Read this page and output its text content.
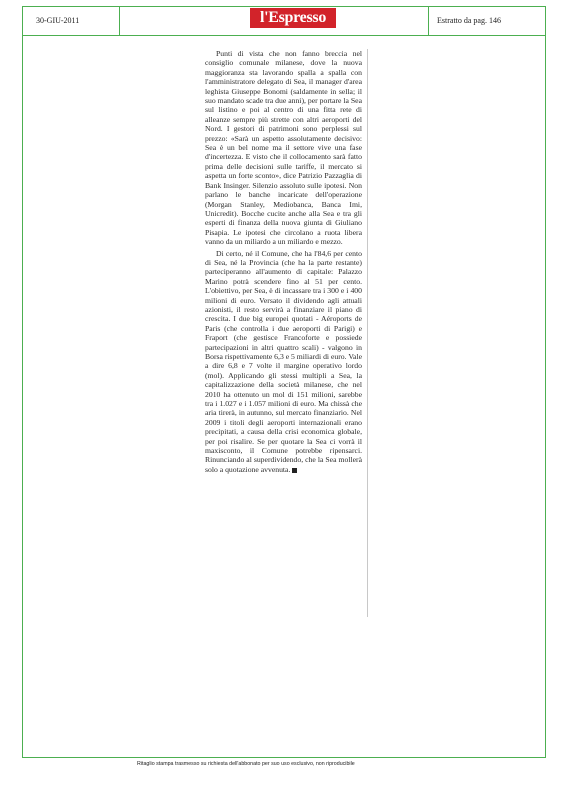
30-GIU-2011	l'Espresso	Estratto da pag. 146

Punti di vista che non fanno breccia nel consiglio comunale milanese, dove la nuova maggioranza sta lavorando spalla a spalla con l'amministratore delegato di Sea, il manager d'area leghista Giuseppe Bonomi (saldamente in sella; il suo mandato scade tra due anni), per portare la Sea sul listino e poi al centro di una fitta rete di alleanze sempre più strette con altri aeroporti del Nord. I gestori di patrimoni sono perplessi sul prezzo: «Sarà un aspetto assolutamente decisivo: Sea è un bel nome ma il settore vive una fase d'incertezza. E visto che il collocamento sarà fatto prima delle decisioni sulle tariffe, il mercato si aspetta un forte sconto», dice Patrizio Pazzaglia di Bank Insinger. Silenzio assoluto sulle ipotesi. Non parlano le banche incaricate dell'operazione (Morgan Stanley, Mediobanca, Banca Imi, Unicredit). Bocche cucite anche alla Sea e tra gli esperti di finanza della nuova giunta di Giuliano Pisapia. Le ipotesi che circolano a ruota libera vanno da un miliardo a un miliardo e mezzo.

Di certo, né il Comune, che ha l'84,6 per cento di Sea, né la Provincia (che ha la parte restante) parteciperanno all'aumento di capitale: Palazzo Marino potrà scendere fino al 51 per cento. L'obiettivo, per Sea, è di incassare tra i 300 e i 400 milioni di euro. Versato il dividendo agli attuali azionisti, il resto servirà a finanziare il piano di crescita. I due big europei quotati - Aéroports de Paris (che controlla i due aeroporti di Parigi) e Fraport (che gestisce Francoforte e possiede partecipazioni in altri quattro scali) - valgono in Borsa rispettivamente 6,3 e 5 miliardi di euro. Vale a dire 6,8 e 7 volte il margine operativo lordo (mol). Applicando gli stessi multipli a Sea, la capitalizzazione della società milanese, che nel 2010 ha ottenuto un mol di 151 milioni, sarebbe tra i 1.027 e i 1.057 milioni di euro. Ma chissà che aria tirerà, in autunno, sul mercato finanziario. Nel 2009 i titoli degli aeroporti internazionali erano precipitati, a causa della crisi economica globale, per poi risalire. Se per quotare la Sea ci vorrà il maxisconto, il Comune potrebbe ripensarci. Rinunciando al superdividendo, che la Sea mollerà solo a quotazione avvenuta.

Ritaglio stampa trasmesso su richiesta dell'abbonato per suo uso esclusivo, non riproducibile
